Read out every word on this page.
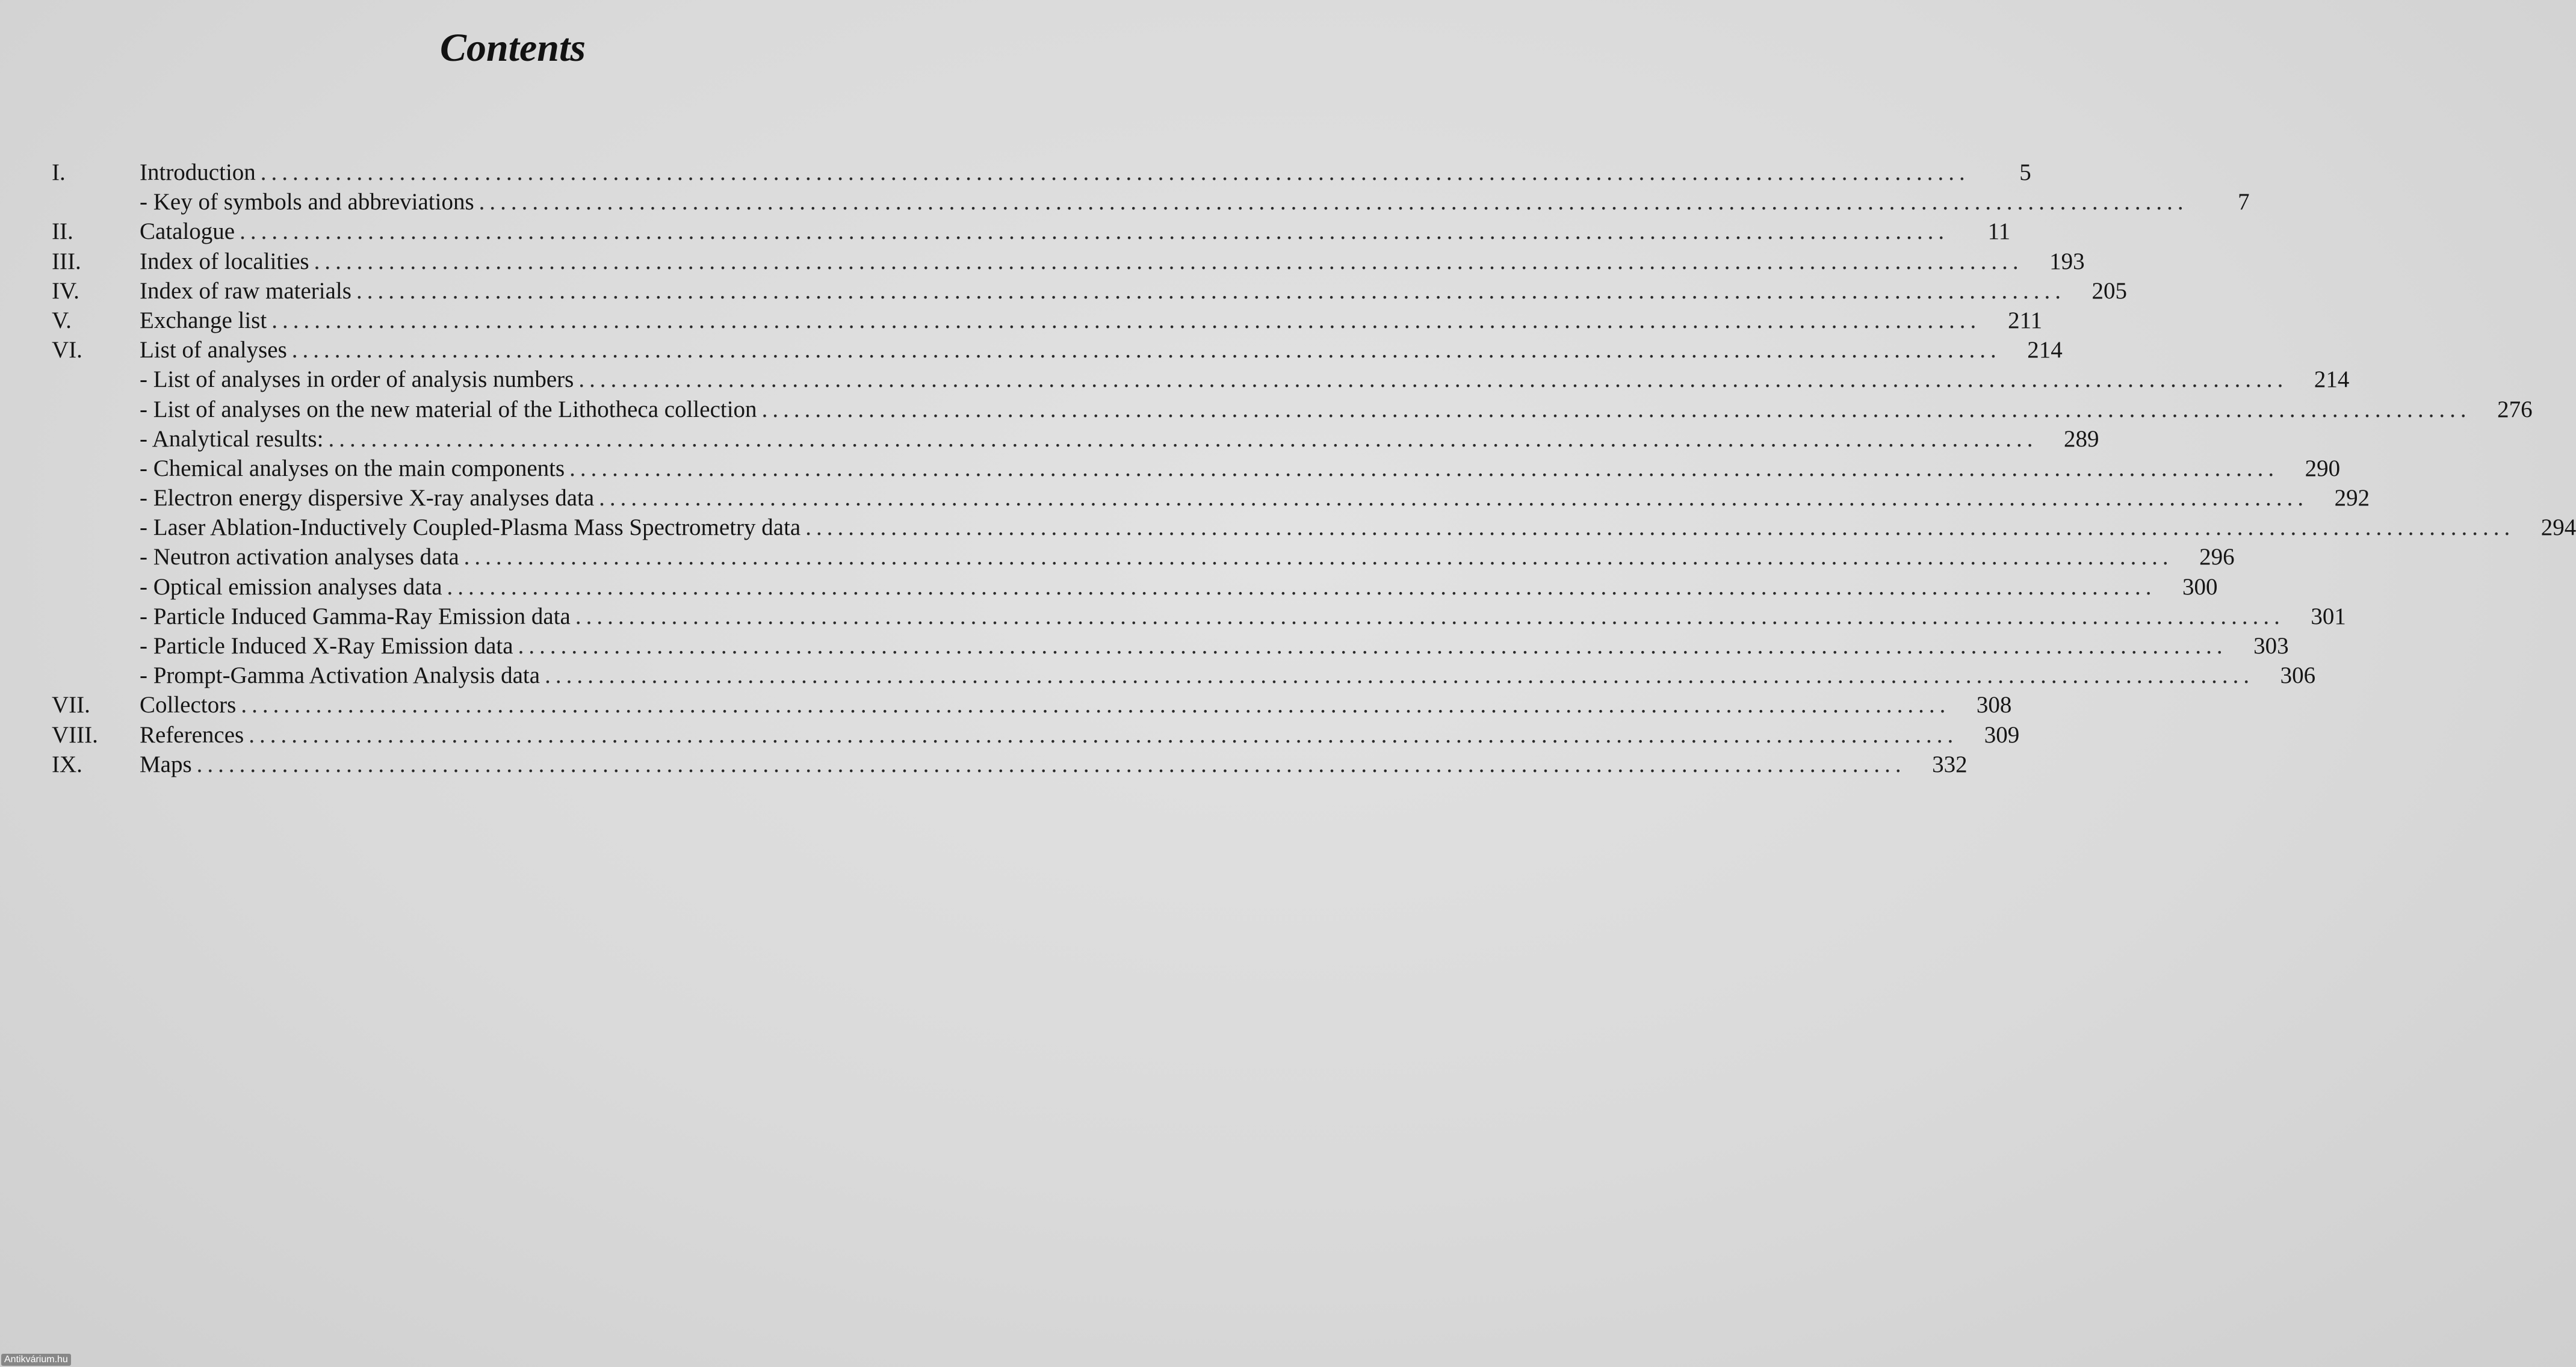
Contents
I.	Introduction ................................................................................................................................................................	5
- Key of symbols and abbreviations ................................................................................................................................................................	7
II.	Catalogue ................................................................................................................................................................	11
III.	Index of localities ................................................................................................................................................................	193
IV.	Index of raw materials ................................................................................................................................................................	205
V.	Exchange list ................................................................................................................................................................	211
VI.	List of analyses ................................................................................................................................................................	214
- List of analyses in order of analysis numbers ................................................................................................................................................................	214
- List of analyses on the new material of the Lithotheca collection ................................................................................................................................................................	276
- Analytical results: ................................................................................................................................................................	289
- Chemical analyses on the main components ................................................................................................................................................................	290
- Electron energy dispersive X-ray analyses data ................................................................................................................................................................	292
- Laser Ablation-Inductively Coupled-Plasma Mass Spectrometry data ................................................................................................................................................................	294
- Neutron activation analyses data ................................................................................................................................................................	296
- Optical emission analyses data ................................................................................................................................................................	300
- Particle Induced Gamma-Ray Emission data ................................................................................................................................................................	301
- Particle Induced X-Ray Emission data ................................................................................................................................................................	303
- Prompt-Gamma Activation Analysis data ................................................................................................................................................................	306
VII.	Collectors ................................................................................................................................................................	308
VIII.	References ................................................................................................................................................................	309
IX.	Maps ................................................................................................................................................................	332
Antikvárium.hu
